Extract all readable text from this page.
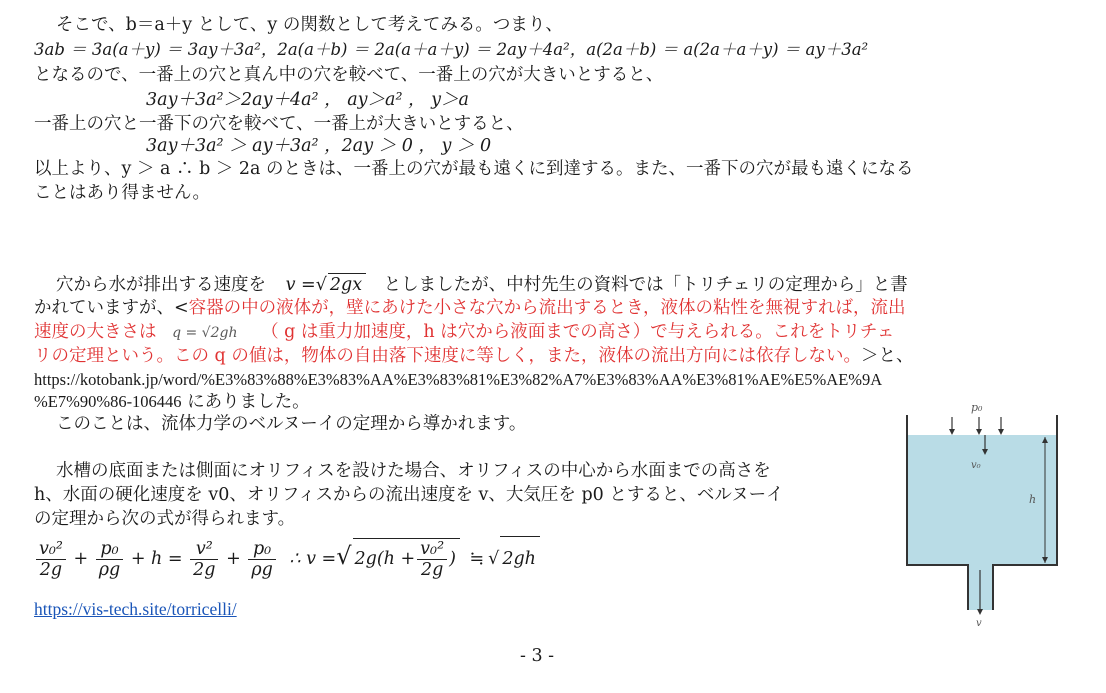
そこで、b＝a＋y として、y の関数として考えてみる。つまり、
3ab ＝ 3a(a＋y) ＝ 3ay＋3a²，2a(a＋b) ＝ 2a(a＋a＋y) ＝ 2ay＋4a²，a(2a＋b) ＝ a(2a＋a＋y) ＝ ay＋3a²
となるので、一番上の穴と真ん中の穴を較べて、一番上の穴が大きいとすると、
3ay＋3a²＞2ay＋4a² ， ay＞a² ， y＞a
一番上の穴と一番下の穴を較べて、一番上が大きいとすると、
3ay＋3a² ＞ ay＋3a² ，2ay ＞ 0 ， y ＞ 0
以上より、y ＞ a ∴ b ＞ 2a のときは、一番上の穴が最も遠くに到達する。また、一番下の穴が最も遠くになる
ことはあり得ません。
穴から水が排出する速度を v =√ 2gx としましたが、中村先生の資料では「トリチェリの定理から」と書
かれていますが、<容器の中の液体が，壁にあけた小さな穴から流出するとき，液体の粘性を無視すれば，流出
速度の大きさは q = √2gh （ g は重力加速度，h は穴から液面までの高さ）で与えられる。これをトリチェ
リの定理という。この q の値は，物体の自由落下速度に等しく，また，液体の流出方向には依存しない。＞と、
https://kotobank.jp/word/%E3%83%88%E3%83%AA%E3%83%81%E3%82%A7%E3%83%AA%E3%81%AE%E5%AE%9A
%E7%90%86-106446 にありました。
このことは、流体力学のベルヌーイの定理から導かれます。
水槽の底面または側面にオリフィスを設けた場合、オリフィスの中心から水面までの高さを
h、水面の硬化速度を v0、オリフィスからの流出速度を v、大気圧を p0 とすると、ベルヌーイ
の定理から次の式が得られます。
$\frac{\text{v₀²}}{2g} + \frac{\text{p₀}}{\rho g} + h = \frac{\text{v²}}{2g} + \frac{\text{p₀}}{\rho g}$ ∴ v =√ $2g(h + \frac{\text{v₀²}}{2g}$ ) ≒ √ 2gh
https://vis-tech.site/torricelli/
- 3 -
p₀
v₀
h
v
